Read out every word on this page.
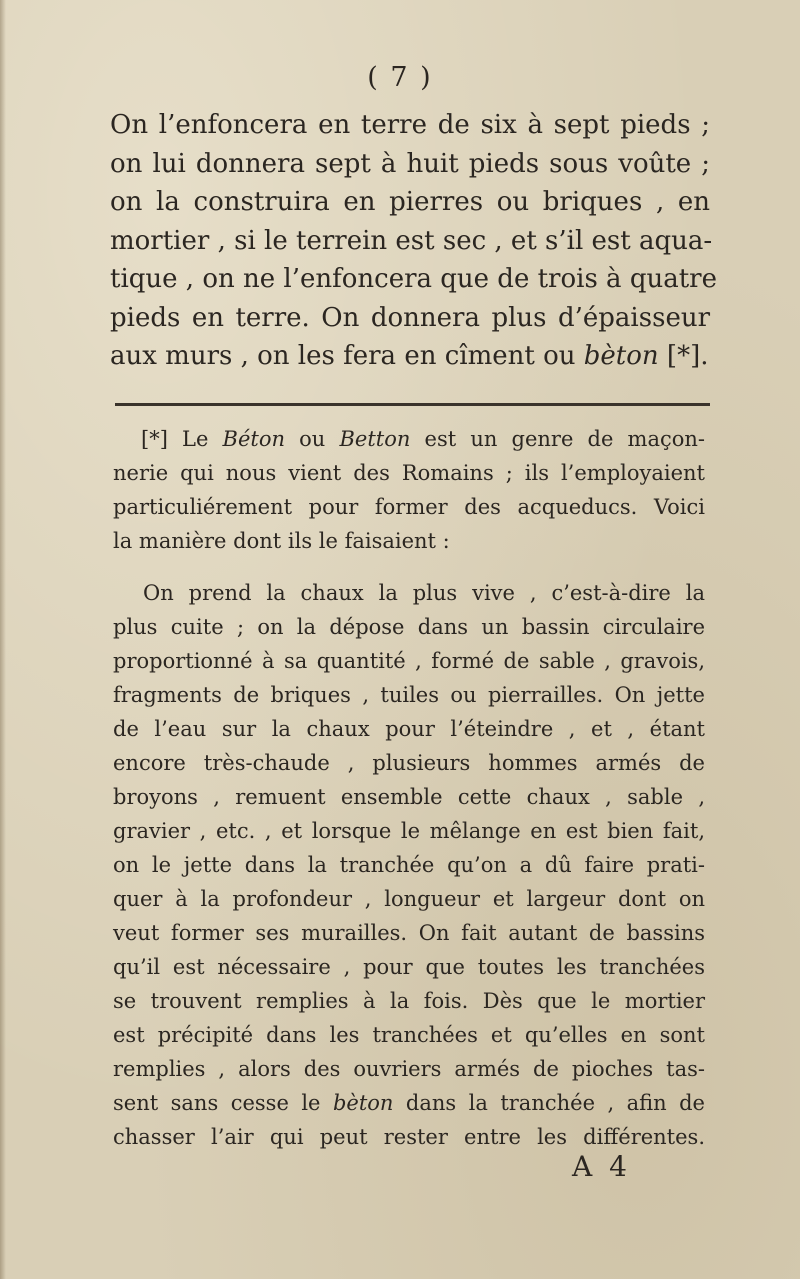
( 7 )
On l’enfoncera en terre de six à sept pieds ;
on lui donnera sept à huit pieds sous voûte ;
on la construira en pierres ou briques , en
mortier , si le terrein est sec , et s’il est aqua-
tique , on ne l’enfoncera que de trois à quatre
pieds en terre. On donnera plus d’épaisseur
aux murs , on les fera en cîment ou bèton [*].
[*] Le Béton ou Betton est un genre de maçon-
nerie qui nous vient des Romains ; ils l’employaient
particuliérement pour former des acqueducs. Voici
la manière dont ils le faisaient :
On prend la chaux la plus vive , c’est-à-dire la
plus cuite ; on la dépose dans un bassin circulaire
proportionné à sa quantité , formé de sable , gravois,
fragments de briques , tuiles ou pierrailles. On jette
de l’eau sur la chaux pour l’éteindre , et , étant
encore très-chaude , plusieurs hommes armés de
broyons , remuent ensemble cette chaux , sable ,
gravier , etc. , et lorsque le mêlange en est bien fait,
on le jette dans la tranchée qu’on a dû faire prati-
quer à la profondeur , longueur et largeur dont on
veut former ses murailles. On fait autant de bassins
qu’il est nécessaire , pour que toutes les tranchées
se trouvent remplies à la fois. Dès que le mortier
est précipité dans les tranchées et qu’elles en sont
remplies , alors des ouvriers armés de pioches tas-
sent sans cesse le bèton dans la tranchée , afin de
chasser l’air qui peut rester entre les différentes.
A 4
